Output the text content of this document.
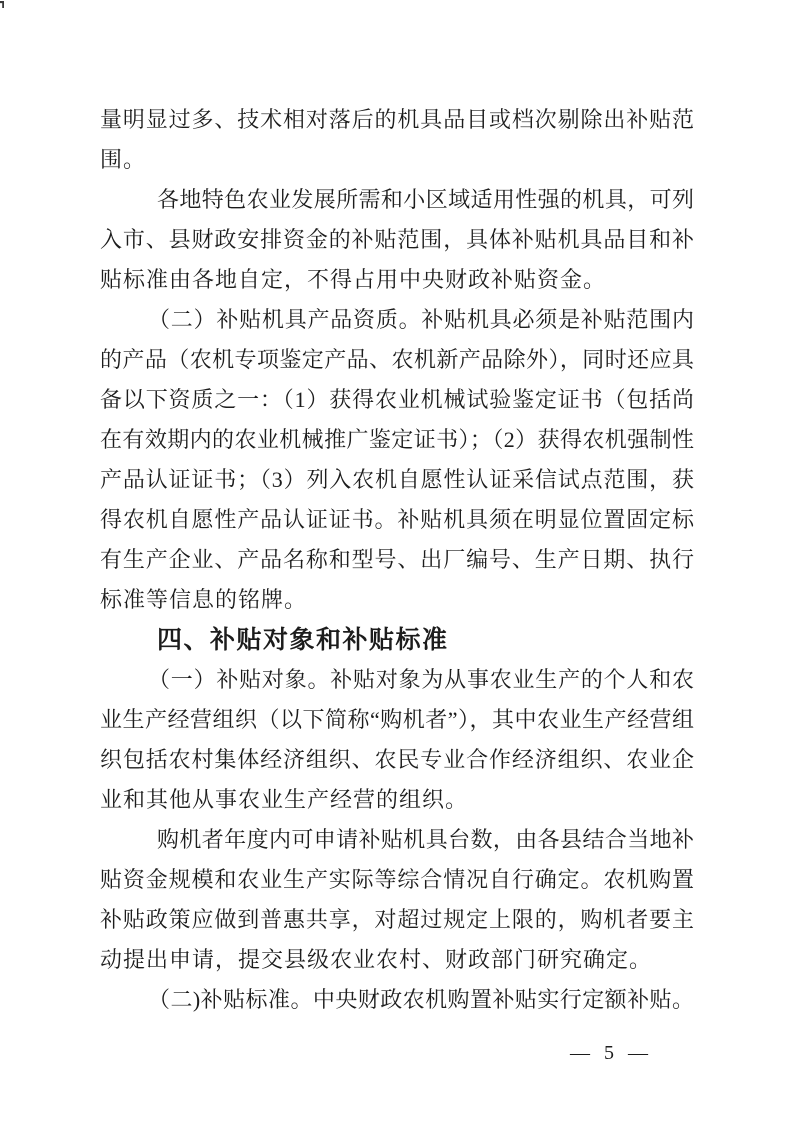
量明显过多、技术相对落后的机具品目或档次剔除出补贴范
围。
各地特色农业发展所需和小区域适用性强的机具，可列
入市、县财政安排资金的补贴范围，具体补贴机具品目和补
贴标准由各地自定，不得占用中央财政补贴资金。
（二）补贴机具产品资质。补贴机具必须是补贴范围内
的产品（农机专项鉴定产品、农机新产品除外），同时还应具
备以下资质之一：（1）获得农业机械试验鉴定证书（包括尚
在有效期内的农业机械推广鉴定证书）；（2）获得农机强制性
产品认证证书；（3）列入农机自愿性认证采信试点范围，获
得农机自愿性产品认证证书。补贴机具须在明显位置固定标
有生产企业、产品名称和型号、出厂编号、生产日期、执行
标准等信息的铭牌。
四、补贴对象和补贴标准
（一）补贴对象。补贴对象为从事农业生产的个人和农
业生产经营组织（以下简称“购机者”），其中农业生产经营组
织包括农村集体经济组织、农民专业合作经济组织、农业企
业和其他从事农业生产经营的组织。
购机者年度内可申请补贴机具台数，由各县结合当地补
贴资金规模和农业生产实际等综合情况自行确定。农机购置
补贴政策应做到普惠共享，对超过规定上限的，购机者要主
动提出申请，提交县级农业农村、财政部门研究确定。
（二)补贴标准。中央财政农机购置补贴实行定额补贴。
— 5 —
